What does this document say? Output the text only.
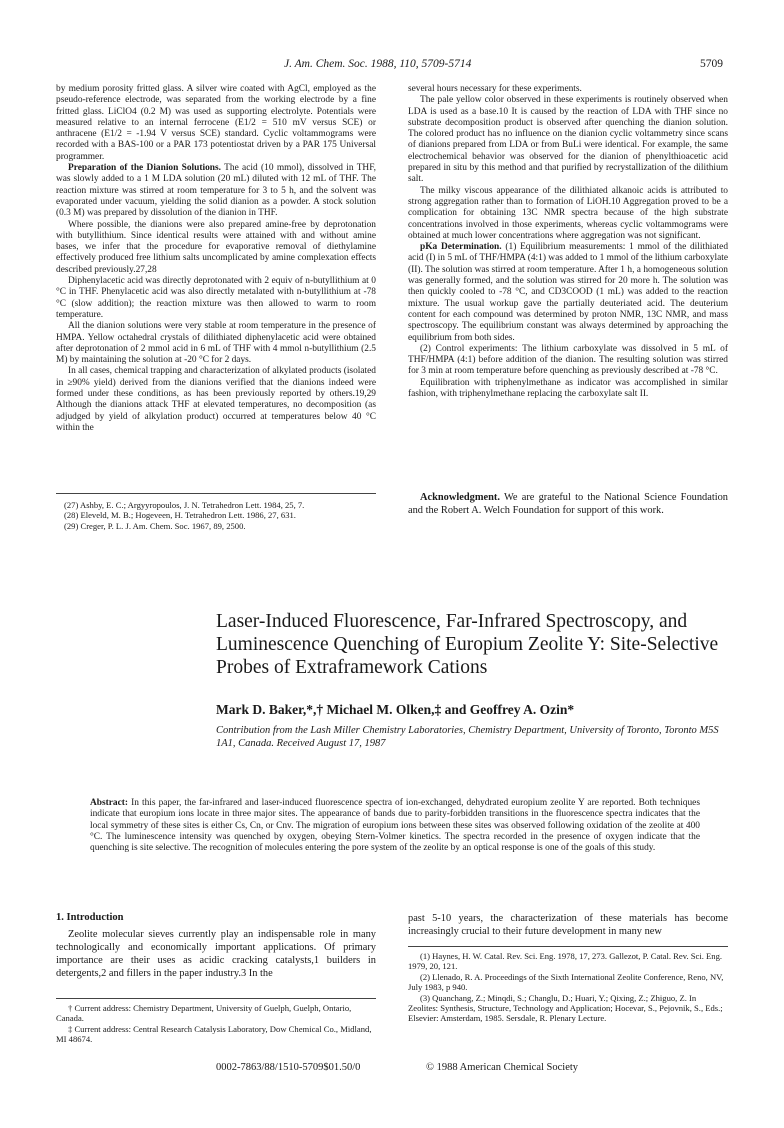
J. Am. Chem. Soc. 1988, 110, 5709-5714	5709

by medium porosity fritted glass. A silver wire coated with AgCl, employed as the pseudo-reference electrode, was separated from the working electrode by a fine fritted glass. LiClO4 (0.2 M) was used as supporting electrolyte. Potentials were measured relative to an internal ferrocene (E1/2 = 510 mV versus SCE) or anthracene (E1/2 = -1.94 V versus SCE) standard. Cyclic voltammograms were recorded with a BAS-100 or a PAR 173 potentiostat driven by a PAR 175 Universal programmer.

Preparation of the Dianion Solutions. The acid (10 mmol), dissolved in THF, was slowly added to a 1 M LDA solution (20 mL) diluted with 12 mL of THF. The reaction mixture was stirred at room temperature for 3 to 5 h, and the solvent was evaporated under vacuum, yielding the solid dianion as a powder. A stock solution (0.3 M) was prepared by dissolution of the dianion in THF.

Where possible, the dianions were also prepared amine-free by deprotonation with butyllithium. Since identical results were attained with and without amine bases, we infer that the procedure for evaporative removal of diethylamine effectively produced free lithium salts uncomplicated by amine complexation effects described previously.27,28

Diphenylacetic acid was directly deprotonated with 2 equiv of n-butyllithium at 0 °C in THF. Phenylacetic acid was also directly metalated with n-butyllithium at -78 °C (slow addition); the reaction mixture was then allowed to warm to room temperature.

All the dianion solutions were very stable at room temperature in the presence of HMPA. Yellow octahedral crystals of dilithiated diphenylacetic acid were obtained after deprotonation of 2 mmol acid in 6 mL of THF with 4 mmol n-butyllithium (2.5 M) by maintaining the solution at -20 °C for 2 days.

In all cases, chemical trapping and characterization of alkylated products (isolated in ≥90% yield) derived from the dianions verified that the dianions indeed were formed under these conditions, as has been previously reported by others.19,29 Although the dianions attack THF at elevated temperatures, no decomposition (as adjudged by yield of alkylation product) occurred at temperatures below 40 °C within the

(27) Ashby, E. C.; Argyyropoulos, J. N. Tetrahedron Lett. 1984, 25, 7.

(28) Eleveld, M. B.; Hogeveen, H. Tetrahedron Lett. 1986, 27, 631.

(29) Creger, P. L. J. Am. Chem. Soc. 1967, 89, 2500.

several hours necessary for these experiments.

The pale yellow color observed in these experiments is routinely observed when LDA is used as a base.10 It is caused by the reaction of LDA with THF since no substrate decomposition product is observed after quenching the dianion solution. The colored product has no influence on the dianion cyclic voltammetry since scans of dianions prepared from LDA or from BuLi were identical. For example, the same electrochemical behavior was observed for the dianion of phenylthioacetic acid prepared in situ by this method and that purified by recrystallization of the dilithium salt.

The milky viscous appearance of the dilithiated alkanoic acids is attributed to strong aggregation rather than to formation of LiOH.10 Aggregation proved to be a complication for obtaining 13C NMR spectra because of the high substrate concentrations involved in those experiments, whereas cyclic voltammograms were obtained at much lower concentrations where aggregation was not significant.

pKa Determination. (1) Equilibrium measurements: 1 mmol of the dilithiated acid (I) in 5 mL of THF/HMPA (4:1) was added to 1 mmol of the lithium carboxylate (II). The solution was stirred at room temperature. After 1 h, a homogeneous solution was generally formed, and the solution was stirred for 20 more h. The solution was then quickly cooled to -78 °C, and CD3COOD (1 mL) was added to the reaction mixture. The usual workup gave the partially deuteriated acid. The deuterium content for each compound was determined by proton NMR, 13C NMR, and mass spectroscopy. The equilibrium constant was always determined by approaching the equilibrium from both sides.

(2) Control experiments: The lithium carboxylate was dissolved in 5 mL of THF/HMPA (4:1) before addition of the dianion. The resulting solution was stirred for 3 min at room temperature before quenching as previously described at -78 °C.

Equilibration with triphenylmethane as indicator was accomplished in similar fashion, with triphenylmethane replacing the carboxylate salt II.

Acknowledgment. We are grateful to the National Science Foundation and the Robert A. Welch Foundation for support of this work.

Laser-Induced Fluorescence, Far-Infrared Spectroscopy, and Luminescence Quenching of Europium Zeolite Y: Site-Selective Probes of Extraframework Cations
Mark D. Baker,*,† Michael M. Olken,‡ and Geoffrey A. Ozin*

Contribution from the Lash Miller Chemistry Laboratories, Chemistry Department, University of Toronto, Toronto M5S 1A1, Canada. Received August 17, 1987

Abstract: In this paper, the far-infrared and laser-induced fluorescence spectra of ion-exchanged, dehydrated europium zeolite Y are reported. Both techniques indicate that europium ions locate in three major sites. The appearance of bands due to parity-forbidden transitions in the fluorescence spectra indicates that the local symmetry of these sites is either Cs, Cn, or Cnv. The migration of europium ions between these sites was observed following oxidation of the zeolite at 400 °C. The luminescence intensity was quenched by oxygen, obeying Stern-Volmer kinetics. The spectra recorded in the presence of oxygen indicate that the quenching is site selective. The recognition of molecules entering the pore system of the zeolite by an optical response is one of the goals of this study.

1. Introduction

Zeolite molecular sieves currently play an indispensable role in many technologically and economically important applications. Of primary importance are their uses as acidic cracking catalysts,1 builders in detergents,2 and fillers in the paper industry.3 In the

† Current address: Chemistry Department, University of Guelph, Guelph, Ontario, Canada.

‡ Current address: Central Research Catalysis Laboratory, Dow Chemical Co., Midland, MI 48674.

past 5-10 years, the characterization of these materials has become increasingly crucial to their future development in many new

(1) Haynes, H. W. Catal. Rev. Sci. Eng. 1978, 17, 273. Gallezot, P. Catal. Rev. Sci. Eng. 1979, 20, 121.

(2) Llenado, R. A. Proceedings of the Sixth International Zeolite Conference, Reno, NV, July 1983, p 940.

(3) Quanchang, Z.; Minqdi, S.; Changlu, D.; Huari, Y.; Qixing, Z.; Zhiguo, Z. In Zeolites: Synthesis, Structure, Technology and Application; Hocevar, S., Pejovnik, S., Eds.; Elsevier: Amsterdam, 1985. Sersdale, R. Plenary Lecture.

0002-7863/88/1510-5709$01.50/0	© 1988 American Chemical Society
